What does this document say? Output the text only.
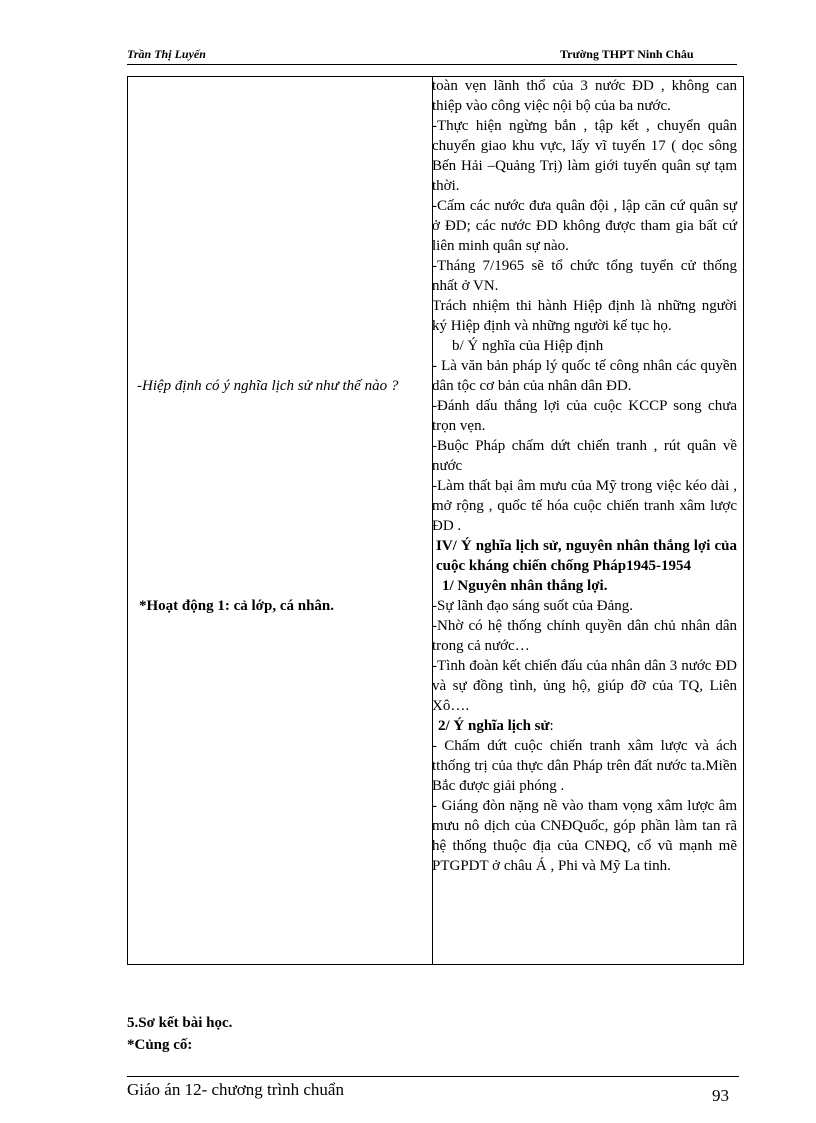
Trần Thị Luyến	Trường THPT Ninh Châu
-Hiệp định có ý nghĩa lịch sử như thế nào ?
*Hoạt động 1: cả lớp, cá nhân.

toàn vẹn lãnh thổ của 3 nước ĐD , không can thiệp vào công việc nội bộ của ba nước.

-Thực hiện ngừng bắn , tập kết , chuyển quân chuyển giao khu vực, lấy vĩ tuyến 17 ( dọc sông Bến Hải –Quảng Trị) làm giới tuyến quân sự tạm thời.

-Cấm các nước đưa quân đội , lập căn cứ quân sự ở ĐD; các nước ĐD không được tham gia bất cứ liên minh quân sự nào.

-Tháng 7/1965 sẽ tổ chức tổng tuyển cử thống nhất ở VN.

Trách nhiệm thi hành Hiệp định là những người ký Hiệp định và những người kế tục họ.

b/ Ý nghĩa của Hiệp định

- Là văn bản pháp lý quốc tế công nhân các quyền dân tộc cơ bản của nhân dân ĐD.

-Đánh dấu thắng lợi của cuộc KCCP song chưa trọn vẹn.

-Buộc Pháp chấm dứt chiến tranh , rút quân về nước

-Làm thất bại âm mưu của Mỹ trong việc kéo dài , mở rộng , quốc tế hóa cuộc chiến tranh xâm lược ĐD .

IV/ Ý nghĩa lịch sử, nguyên nhân thắng lợi của cuộc kháng chiến chống Pháp1945-1954

1/ Nguyên nhân thắng lợi.

-Sự lãnh đạo sáng suốt của Đảng.

-Nhờ có hệ thống chính quyền dân chủ nhân dân trong cả nước…

-Tình đoàn kết chiến đấu của nhân dân 3 nước ĐD và sự đồng tình, ủng hộ, giúp đỡ của TQ, Liên Xô….

2/ Ý nghĩa lịch sử:

- Chấm dứt cuộc chiến tranh xâm lược và ách tthống trị của thực dân Pháp trên đất nước ta.Miền Bắc được giải phóng .

- Giáng đòn nặng nề vào tham vọng xâm lược âm mưu nô dịch của CNĐQuốc, góp phần làm tan rã hệ thống thuộc địa của CNĐQ, cổ vũ mạnh mẽ PTGPDT ở châu Á , Phi và Mỹ La tinh.

5.Sơ kết bài học.
*Củng cố:
Giáo án 12- chương trình chuẩn	93
